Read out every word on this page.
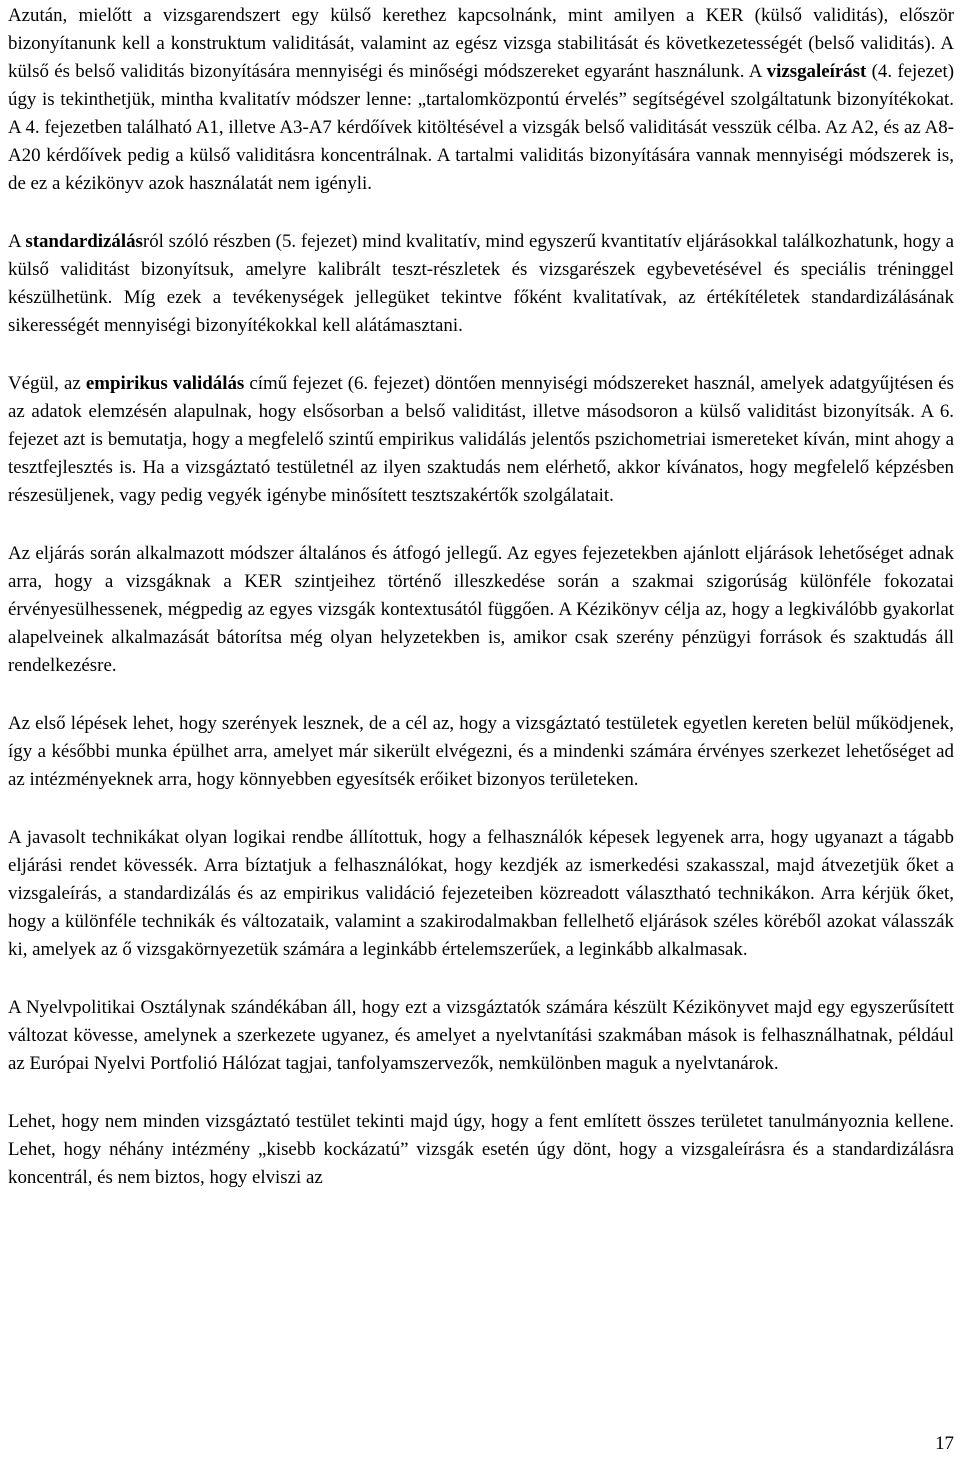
Azután, mielőtt a vizsgarendszert egy külső kerethez kapcsolnánk, mint amilyen a KER (külső validitás), először bizonyítanunk kell a konstruktum validitását, valamint az egész vizsga stabilitását és következetességét (belső validitás). A külső és belső validitás bizonyítására mennyiségi és minőségi módszereket egyaránt használunk. A vizsgaleírást (4. fejezet) úgy is tekinthetjük, mintha kvalitatív módszer lenne: „tartalomközpontú érvelés” segítségével szolgáltatunk bizonyítékokat. A 4. fejezetben található A1, illetve A3-A7 kérdőívek kitöltésével a vizsgák belső validitását vesszük célba. Az A2, és az A8-A20 kérdőívek pedig a külső validitásra koncentrálnak. A tartalmi validitás bizonyítására vannak mennyiségi módszerek is, de ez a kézikönyv azok használatát nem igényli.

A standardizálásról szóló részben (5. fejezet) mind kvalitatív, mind egyszerű kvantitatív eljárásokkal találkozhatunk, hogy a külső validitást bizonyítsuk, amelyre kalibrált teszt-részletek és vizsgarészek egybevetésével és speciális tréninggel készülhetünk. Míg ezek a tevékenységek jellegüket tekintve főként kvalitatívak, az értékítéletek standardizálásának sikerességét mennyiségi bizonyítékokkal kell alátámasztani.

Végül, az empirikus validálás című fejezet (6. fejezet) döntően mennyiségi módszereket használ, amelyek adatgyűjtésen és az adatok elemzésén alapulnak, hogy elsősorban a belső validitást, illetve másodsoron a külső validitást bizonyítsák. A 6. fejezet azt is bemutatja, hogy a megfelelő szintű empirikus validálás jelentős pszichometriai ismereteket kíván, mint ahogy a tesztfejlesztés is. Ha a vizsgáztató testületnél az ilyen szaktudás nem elérhető, akkor kívánatos, hogy megfelelő képzésben részesüljenek, vagy pedig vegyék igénybe minősített tesztszakértők szolgálatait.

Az eljárás során alkalmazott módszer általános és átfogó jellegű. Az egyes fejezetekben ajánlott eljárások lehetőséget adnak arra, hogy a vizsgáknak a KER szintjeihez történő illeszkedése során a szakmai szigorúság különféle fokozatai érvényesülhessenek, mégpedig az egyes vizsgák kontextusától függően. A Kézikönyv célja az, hogy a legkiválóbb gyakorlat alapelveinek alkalmazását bátorítsa még olyan helyzetekben is, amikor csak szerény pénzügyi források és szaktudás áll rendelkezésre.

Az első lépések lehet, hogy szerények lesznek, de a cél az, hogy a vizsgáztató testületek egyetlen kereten belül működjenek, így a későbbi munka épülhet arra, amelyet már sikerült elvégezni, és a mindenki számára érvényes szerkezet lehetőséget ad az intézményeknek arra, hogy könnyebben egyesítsék erőiket bizonyos területeken.

A javasolt technikákat olyan logikai rendbe állítottuk, hogy a felhasználók képesek legyenek arra, hogy ugyanazt a tágabb eljárási rendet kövessék. Arra bíztatjuk a felhasználókat, hogy kezdjék az ismerkedési szakasszal, majd átvezetjük őket a vizsgaleírás, a standardizálás és az empirikus validáció fejezeteiben közreadott választható technikákon. Arra kérjük őket, hogy a különféle technikák és változataik, valamint a szakirodalmakban fellelhető eljárások széles köréből azokat válasszák ki, amelyek az ő vizsgakörnyezetük számára a leginkább értelemszerűek, a leginkább alkalmasak.

A Nyelvpolitikai Osztálynak szándékában áll, hogy ezt a vizsgáztatók számára készült Kézikönyvet majd egy egyszerűsített változat kövesse, amelynek a szerkezete ugyanez, és amelyet a nyelvtanítási szakmában mások is felhasználhatnak, például az Európai Nyelvi Portfolió Hálózat tagjai, tanfolyamszervezők, nemkülönben maguk a nyelvtanárok.

Lehet, hogy nem minden vizsgáztató testület tekinti majd úgy, hogy a fent említett összes területet tanulmányoznia kellene. Lehet, hogy néhány intézmény „kisebb kockázatú” vizsgák esetén úgy dönt, hogy a vizsgaleírásra és a standardizálásra koncentrál, és nem biztos, hogy elviszi az

17
